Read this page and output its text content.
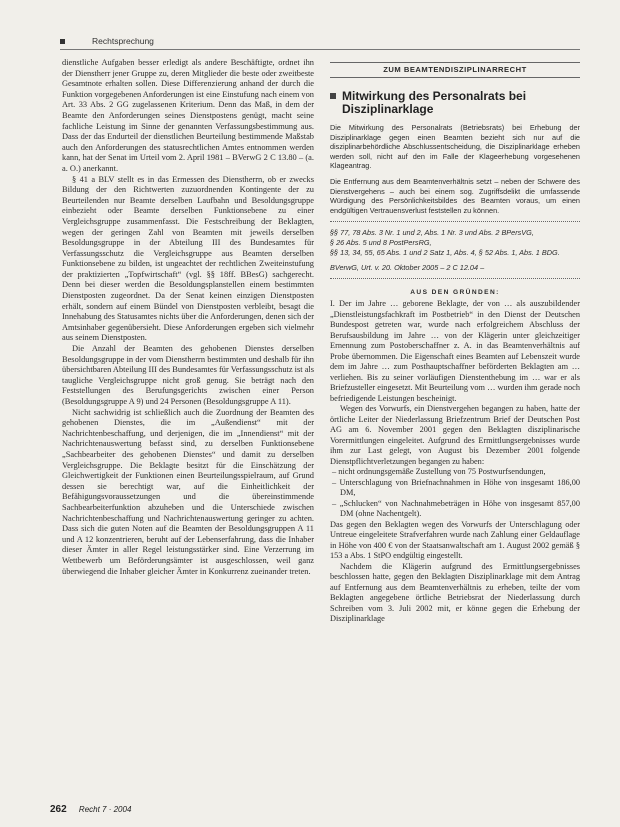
Rechtsprechung

dienstliche Aufgaben besser erledigt als andere Beschäftigte, ordnet ihn der Dienstherr jener Gruppe zu, deren Mitglieder die beste oder zweitbeste Gesamtnote erhalten sollen. Diese Differenzierung anhand der durch die Funktion vorgegebenen Anforderungen ist eine Einstufung nach einem von Art. 33 Abs. 2 GG zugelassenen Kriterium. Denn das Maß, in dem der Beamte den Anforderungen seines Dienstpostens genügt, macht seine fachliche Leistung im Sinne der genannten Verfassungsbestimmung aus. Dass der das Endurteil der dienstlichen Beurteilung bestimmende Maßstab auch den Anforderungen des statusrechtlichen Amtes entnommen werden kann, hat der Senat im Urteil vom 2. April 1981 – BVerwG 2 C 13.80 – (a. a. O.) anerkannt.

§ 41 a BLV stellt es in das Ermessen des Dienstherrn, ob er zwecks Bildung der den Richtwerten zuzuordnenden Kontingente der zu Beurteilenden nur Beamte derselben Laufbahn und Besoldungsgruppe einbezieht oder Beamte derselben Funktionsebene zu einer Vergleichsgruppe zusammenfasst. Die Festschreibung der Beklagten, wegen der geringen Zahl von Beamten mit jeweils derselben Besoldungsgruppe in der Abteilung III des Bundesamtes für Verfassungsschutz die Vergleichsgruppe aus Beamten derselben Funktionsebene zu bilden, ist ungeachtet der rechtlichen Zweiteinstufung der praktizierten „Topfwirtschaft“ (vgl. §§ 18ff. BBesG) sachgerecht. Denn bei dieser werden die Besoldungsplanstellen einem bestimmten Dienstposten zugeordnet. Da der Senat keinen einzigen Dienstposten erhält, sondern auf einem Bündel von Dienstposten verbleibt, besagt die Innehabung des Statusamtes nichts über die Anforderungen, denen sich der Amtsinhaber gegenübersieht. Diese Anforderungen ergeben sich vielmehr aus seinem Dienstposten.

Die Anzahl der Beamten des gehobenen Dienstes derselben Besoldungsgruppe in der vom Dienstherrn bestimmten und deshalb für ihn übersichtbaren Abteilung III des Bundesamtes für Verfassungsschutz ist als taugliche Vergleichsgruppe nicht groß genug. Sie beträgt nach den Feststellungen des Berufungsgerichts zwischen einer Person (Besoldungsgruppe A 9) und 24 Personen (Besoldungsgruppe A 11).

Nicht sachwidrig ist schließlich auch die Zuordnung der Beamten des gehobenen Dienstes, die im „Außendienst“ mit der Nachrichtenbeschaffung, und derjenigen, die im „Innendienst“ mit der Nachrichtenauswertung befasst sind, zu derselben Funktionsebene „Sachbearbeiter des gehobenen Dienstes“ und damit zu derselben Vergleichsgruppe. Die Beklagte besitzt für die Einschätzung der Gleichwertigkeit der Funktionen einen Beurteilungsspielraum, auf Grund dessen sie berechtigt war, auf die Einheitlichkeit der Befähigungsvoraussetzungen und die übereinstimmende Sachbearbeiterfunktion abzuheben und die Unterschiede zwischen Nachrichtenbeschaffung und Nachrichtenauswertung geringer zu achten. Dass sich die guten Noten auf die Beamten der Besoldungsgruppen A 11 und A 12 konzentrieren, beruht auf der Lebenserfahrung, dass die Inhaber dieser Ämter in aller Regel leistungsstärker sind. Eine Verzerrung im Wettbewerb um Beförderungsämter ist ausgeschlossen, weil ganz überwiegend die Inhaber gleicher Ämter in Konkurrenz zueinander treten.

ZUM BEAMTENDISZIPLINARRECHT
Mitwirkung des Personalrats bei Disziplinarklage

Die Mitwirkung des Personalrats (Betriebsrats) bei Erhebung der Disziplinarklage gegen einen Beamten bezieht sich nur auf die disziplinarbehördliche Abschlussentscheidung, die Disziplinarklage erheben werden soll, nicht auf den im Falle der Klageerhebung vorgesehenen Klageantrag.

Die Entfernung aus dem Beamtenverhältnis setzt – neben der Schwere des Dienstvergehens – auch bei einem sog. Zugriffsdelikt die umfassende Würdigung des Persönlichkeitsbildes des Beamten voraus, um einen endgültigen Vertrauensverlust feststellen zu können.

§§ 77, 78 Abs. 3 Nr. 1 und 2, Abs. 1 Nr. 3 und Abs. 2 BPersVG,
§ 26 Abs. 5 und 8 PostPersRG,
§§ 13, 34, 55, 65 Abs. 1 und 2 Satz 1, Abs. 4, § 52 Abs. 1, Abs. 1 BDG.
BVerwG, Urt. v. 20. Oktober 2005 – 2 C 12.04 –
AUS DEN GRÜNDEN:

I. Der im Jahre … geborene Beklagte, der von … als auszubildender „Dienstleistungsfachkraft im Postbetrieb“ in den Dienst der Deutschen Bundespost getreten war, wurde nach erfolgreichem Abschluss der Berufsausbildung im Jahre … von der Klägerin unter gleichzeitiger Ernennung zum Postoberschaffner z. A. in das Beamtenverhältnis auf Probe übernommen. Die Eigenschaft eines Beamten auf Lebenszeit wurde dem im Jahre … zum Posthauptschaffner beförderten Beklagten am … verliehen. Bis zu seiner vorläufigen Dienstenthebung im … war er als Briefzusteller eingesetzt. Mit Beurteilung vom … wurden ihm gerade noch befriedigende Leistungen bescheinigt.

Wegen des Vorwurfs, ein Dienstvergehen begangen zu haben, hatte der örtliche Leiter der Niederlassung Briefzentrum Brief der Deutschen Post AG am 6. November 2001 gegen den Beklagten disziplinarische Vorermittlungen eingeleitet. Aufgrund des Ermittlungsergebnisses wurde ihm zur Last gelegt, von August bis Dezember 2001 folgende Dienstpflichtverletzungen begangen zu haben:

– nicht ordnungsgemäße Zustellung von 75 Postwurfsendungen,
– Unterschlagung von Briefnachnahmen in Höhe von insgesamt 186,00 DM,
– „Schlucken“ von Nachnahmebeträgen in Höhe von insgesamt 857,00 DM (ohne Nachentgelt).

Das gegen den Beklagten wegen des Vorwurfs der Unterschlagung oder Untreue eingeleitete Strafverfahren wurde nach Zahlung einer Geldauflage in Höhe von 400 € von der Staatsanwaltschaft am 1. August 2002 gemäß § 153 a Abs. 1 StPO endgültig eingestellt.

Nachdem die Klägerin aufgrund des Ermittlungsergebnisses beschlossen hatte, gegen den Beklagten Disziplinarklage mit dem Antrag auf Entfernung aus dem Beamtenverhältnis zu erheben, teilte der vom Beklagten angegebene örtliche Betriebsrat der Niederlassung durch Schreiben vom 3. Juli 2002 mit, er könne gegen die Erhebung der Disziplinarklage

262 Recht 7 · 2004
